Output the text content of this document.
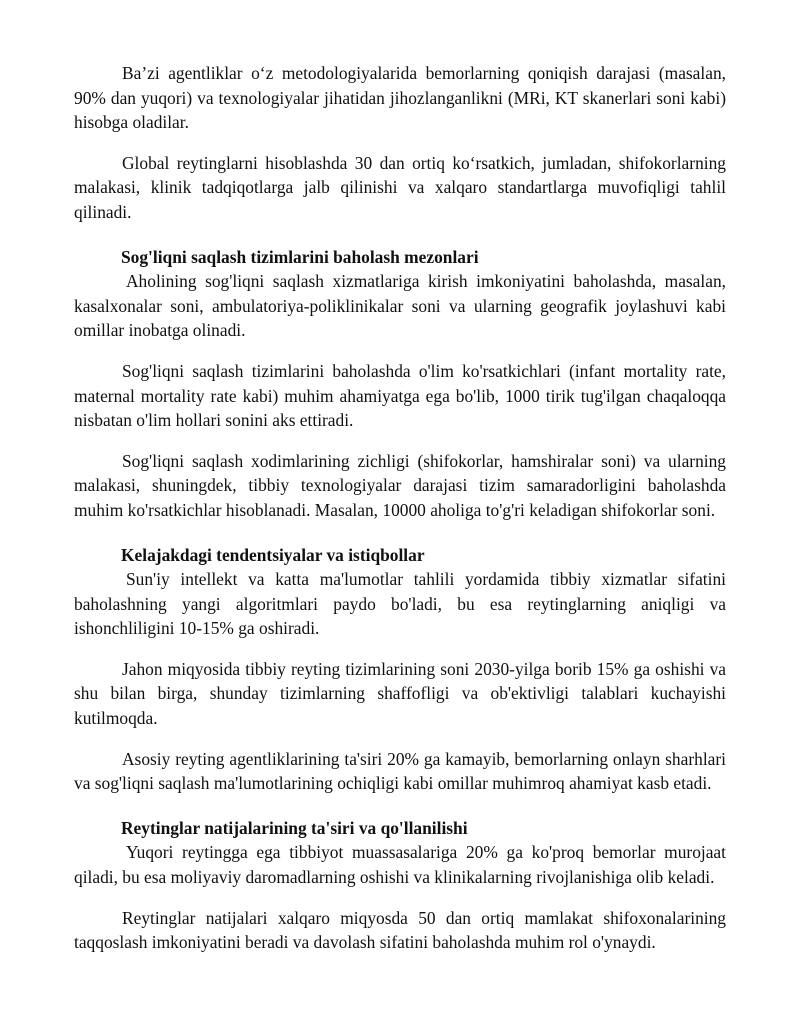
Ba’zi agentliklar o‘z metodologiyalarida bemorlarning qoniqish darajasi (masalan, 90% dan yuqori) va texnologiyalar jihatidan jihozlanganlikni (MRi, KT skanerlari soni kabi) hisobga oladilar.

Global reytinglarni hisoblashda 30 dan ortiq ko‘rsatkich, jumladan, shifokorlarning malakasi, klinik tadqiqotlarga jalb qilinishi va xalqaro standartlarga muvofiqligi tahlil qilinadi.

Sog'liqni saqlash tizimlarini baholash mezonlari

Aholining sog'liqni saqlash xizmatlariga kirish imkoniyatini baholashda, masalan, kasalxonalar soni, ambulatoriya-poliklinikalar soni va ularning geografik joylashuvi kabi omillar inobatga olinadi.

Sog'liqni saqlash tizimlarini baholashda o'lim ko'rsatkichlari (infant mortality rate, maternal mortality rate kabi) muhim ahamiyatga ega bo'lib, 1000 tirik tug'ilgan chaqaloqqa nisbatan o'lim hollari sonini aks ettiradi.

Sog'liqni saqlash xodimlarining zichligi (shifokorlar, hamshiralar soni) va ularning malakasi, shuningdek, tibbiy texnologiyalar darajasi tizim samaradorligini baholashda muhim ko'rsatkichlar hisoblanadi. Masalan, 10000 aholiga to'g'ri keladigan shifokorlar soni.

Kelajakdagi tendentsiyalar va istiqbollar

Sun'iy intellekt va katta ma'lumotlar tahlili yordamida tibbiy xizmatlar sifatini baholashning yangi algoritmlari paydo bo'ladi, bu esa reytinglarning aniqligi va ishonchliligini 10-15% ga oshiradi.

Jahon miqyosida tibbiy reyting tizimlarining soni 2030-yilga borib 15% ga oshishi va shu bilan birga, shunday tizimlarning shaffofligi va ob'ektivligi talablari kuchayishi kutilmoqda.

Asosiy reyting agentliklarining ta'siri 20% ga kamayib, bemorlarning onlayn sharhlari va sog'liqni saqlash ma'lumotlarining ochiqligi kabi omillar muhimroq ahamiyat kasb etadi.

Reytinglar natijalarining ta'siri va qo'llanilishi

Yuqori reytingga ega tibbiyot muassasalariga 20% ga ko'proq bemorlar murojaat qiladi, bu esa moliyaviy daromadlarning oshishi va klinikalarning rivojlanishiga olib keladi.

Reytinglar natijalari xalqaro miqyosda 50 dan ortiq mamlakat shifoxonalarining taqqoslash imkoniyatini beradi va davolash sifatini baholashda muhim rol o'ynaydi.
